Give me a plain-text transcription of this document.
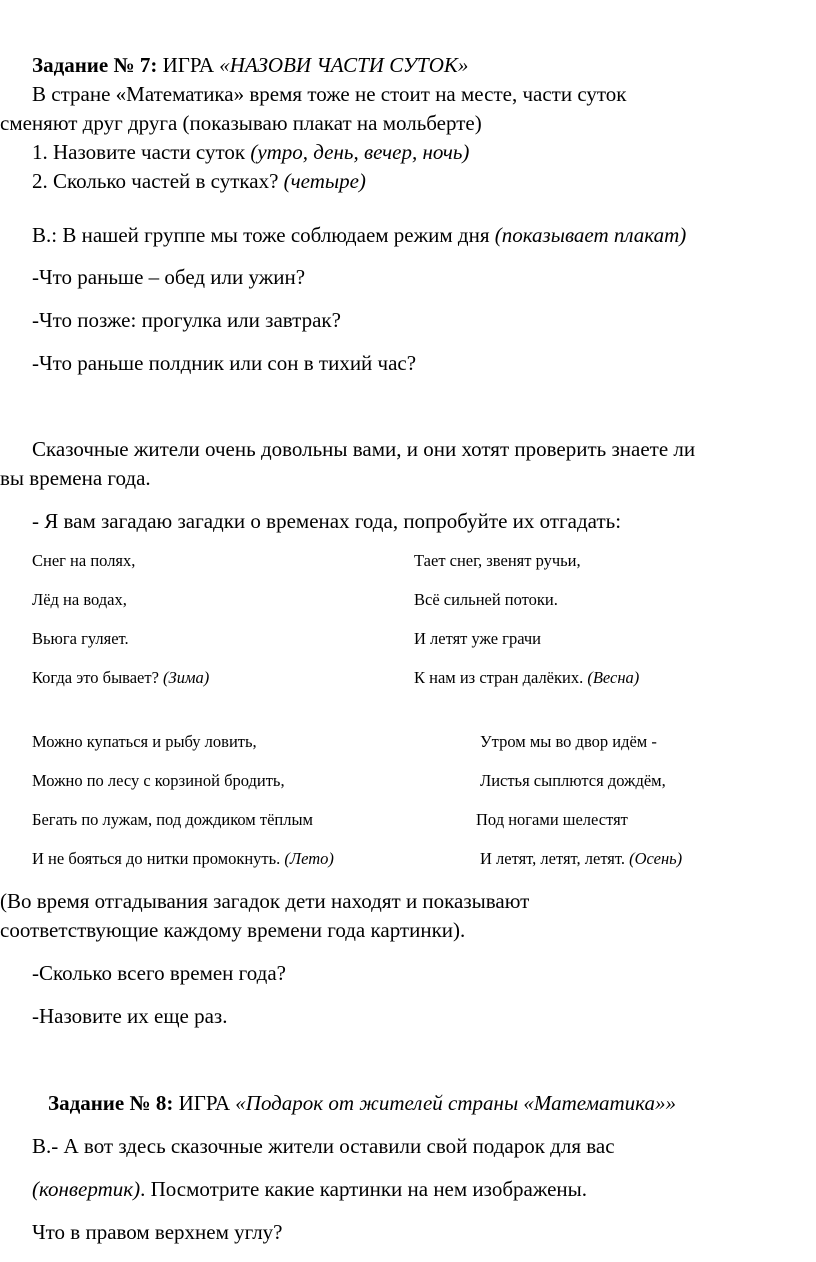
Задание № 7: ИГРА «НАЗОВИ ЧАСТИ СУТОК»
В стране «Математика» время тоже не стоит на месте, части суток
сменяют друг друга (показываю плакат на мольберте)
1. Назовите части суток (утро, день, вечер, ночь)
2. Сколько частей в сутках? (четыре)
В.: В нашей группе мы тоже соблюдаем режим дня (показывает плакат)
-Что раньше – обед или ужин?
-Что позже: прогулка или завтрак?
-Что раньше полдник или сон в тихий час?
Сказочные жители очень довольны вами, и они хотят проверить знаете ли
вы времена года.
- Я вам загадаю загадки о временах года, попробуйте их отгадать:
Снег на полях,
Лёд на водах,
Вьюга гуляет.
Когда это бывает? (Зима)
Тает снег, звенят ручьи,
Всё сильней потоки.
И летят уже грачи
К нам из стран далёких. (Весна)
Можно купаться и рыбу ловить,
Можно по лесу с корзиной бродить,
Бегать по лужам, под дождиком тёплым
И не бояться до нитки промокнуть. (Лето)
Утром мы во двор идём -
Листья сыплются дождём,
Под ногами шелестят
И летят, летят, летят. (Осень)
(Во время отгадывания загадок дети находят и показывают
соответствующие каждому времени года картинки).
-Сколько всего времен года?
-Назовите их еще раз.
Задание № 8: ИГРА «Подарок от жителей страны «Математика»»
В.- А вот здесь сказочные жители оставили свой подарок для вас
(конвертик). Посмотрите какие картинки на нем изображены.
Что в правом верхнем углу?
